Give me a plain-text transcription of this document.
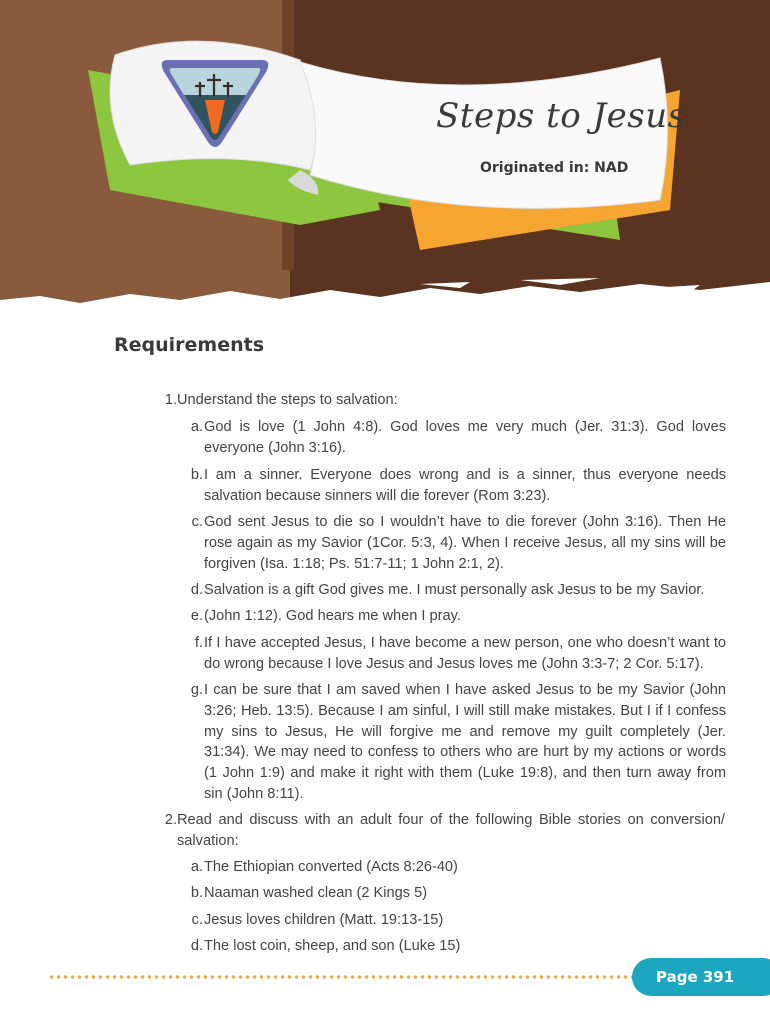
Steps to Jesus
Originated in: NAD
Requirements
1. Understand the steps to salvation:
a. God is love (1 John 4:8). God loves me very much (Jer. 31:3). God loves everyone (John 3:16).
b. I am a sinner. Everyone does wrong and is a sinner, thus everyone needs salvation because sinners will die forever (Rom 3:23).
c. God sent Jesus to die so I wouldn’t have to die forever (John 3:16). Then He rose again as my Savior (1Cor. 5:3, 4). When I receive Jesus, all my sins will be forgiven (Isa. 1:18; Ps. 51:7-11; 1 John 2:1, 2).
d. Salvation is a gift God gives me. I must personally ask Jesus to be my Savior.
e. (John 1:12). God hears me when I pray.
f. If I have accepted Jesus, I have become a new person, one who doesn’t want to do wrong because I love Jesus and Jesus loves me (John 3:3-7; 2 Cor. 5:17).
g. I can be sure that I am saved when I have asked Jesus to be my Savior (John 3:26; Heb. 13:5). Because I am sinful, I will still make mistakes. But I if I confess my sins to Jesus, He will forgive me and remove my guilt completely (Jer. 31:34). We may need to confess to others who are hurt by my actions or words (1 John 1:9) and make it right with them (Luke 19:8), and then turn away from sin (John 8:11).
2. Read and discuss with an adult four of the following Bible stories on conversion/ salvation:
a. The Ethiopian converted (Acts 8:26-40)
b. Naaman washed clean (2 Kings 5)
c. Jesus loves children (Matt. 19:13-15)
d. The lost coin, sheep, and son (Luke 15)
Page 391
